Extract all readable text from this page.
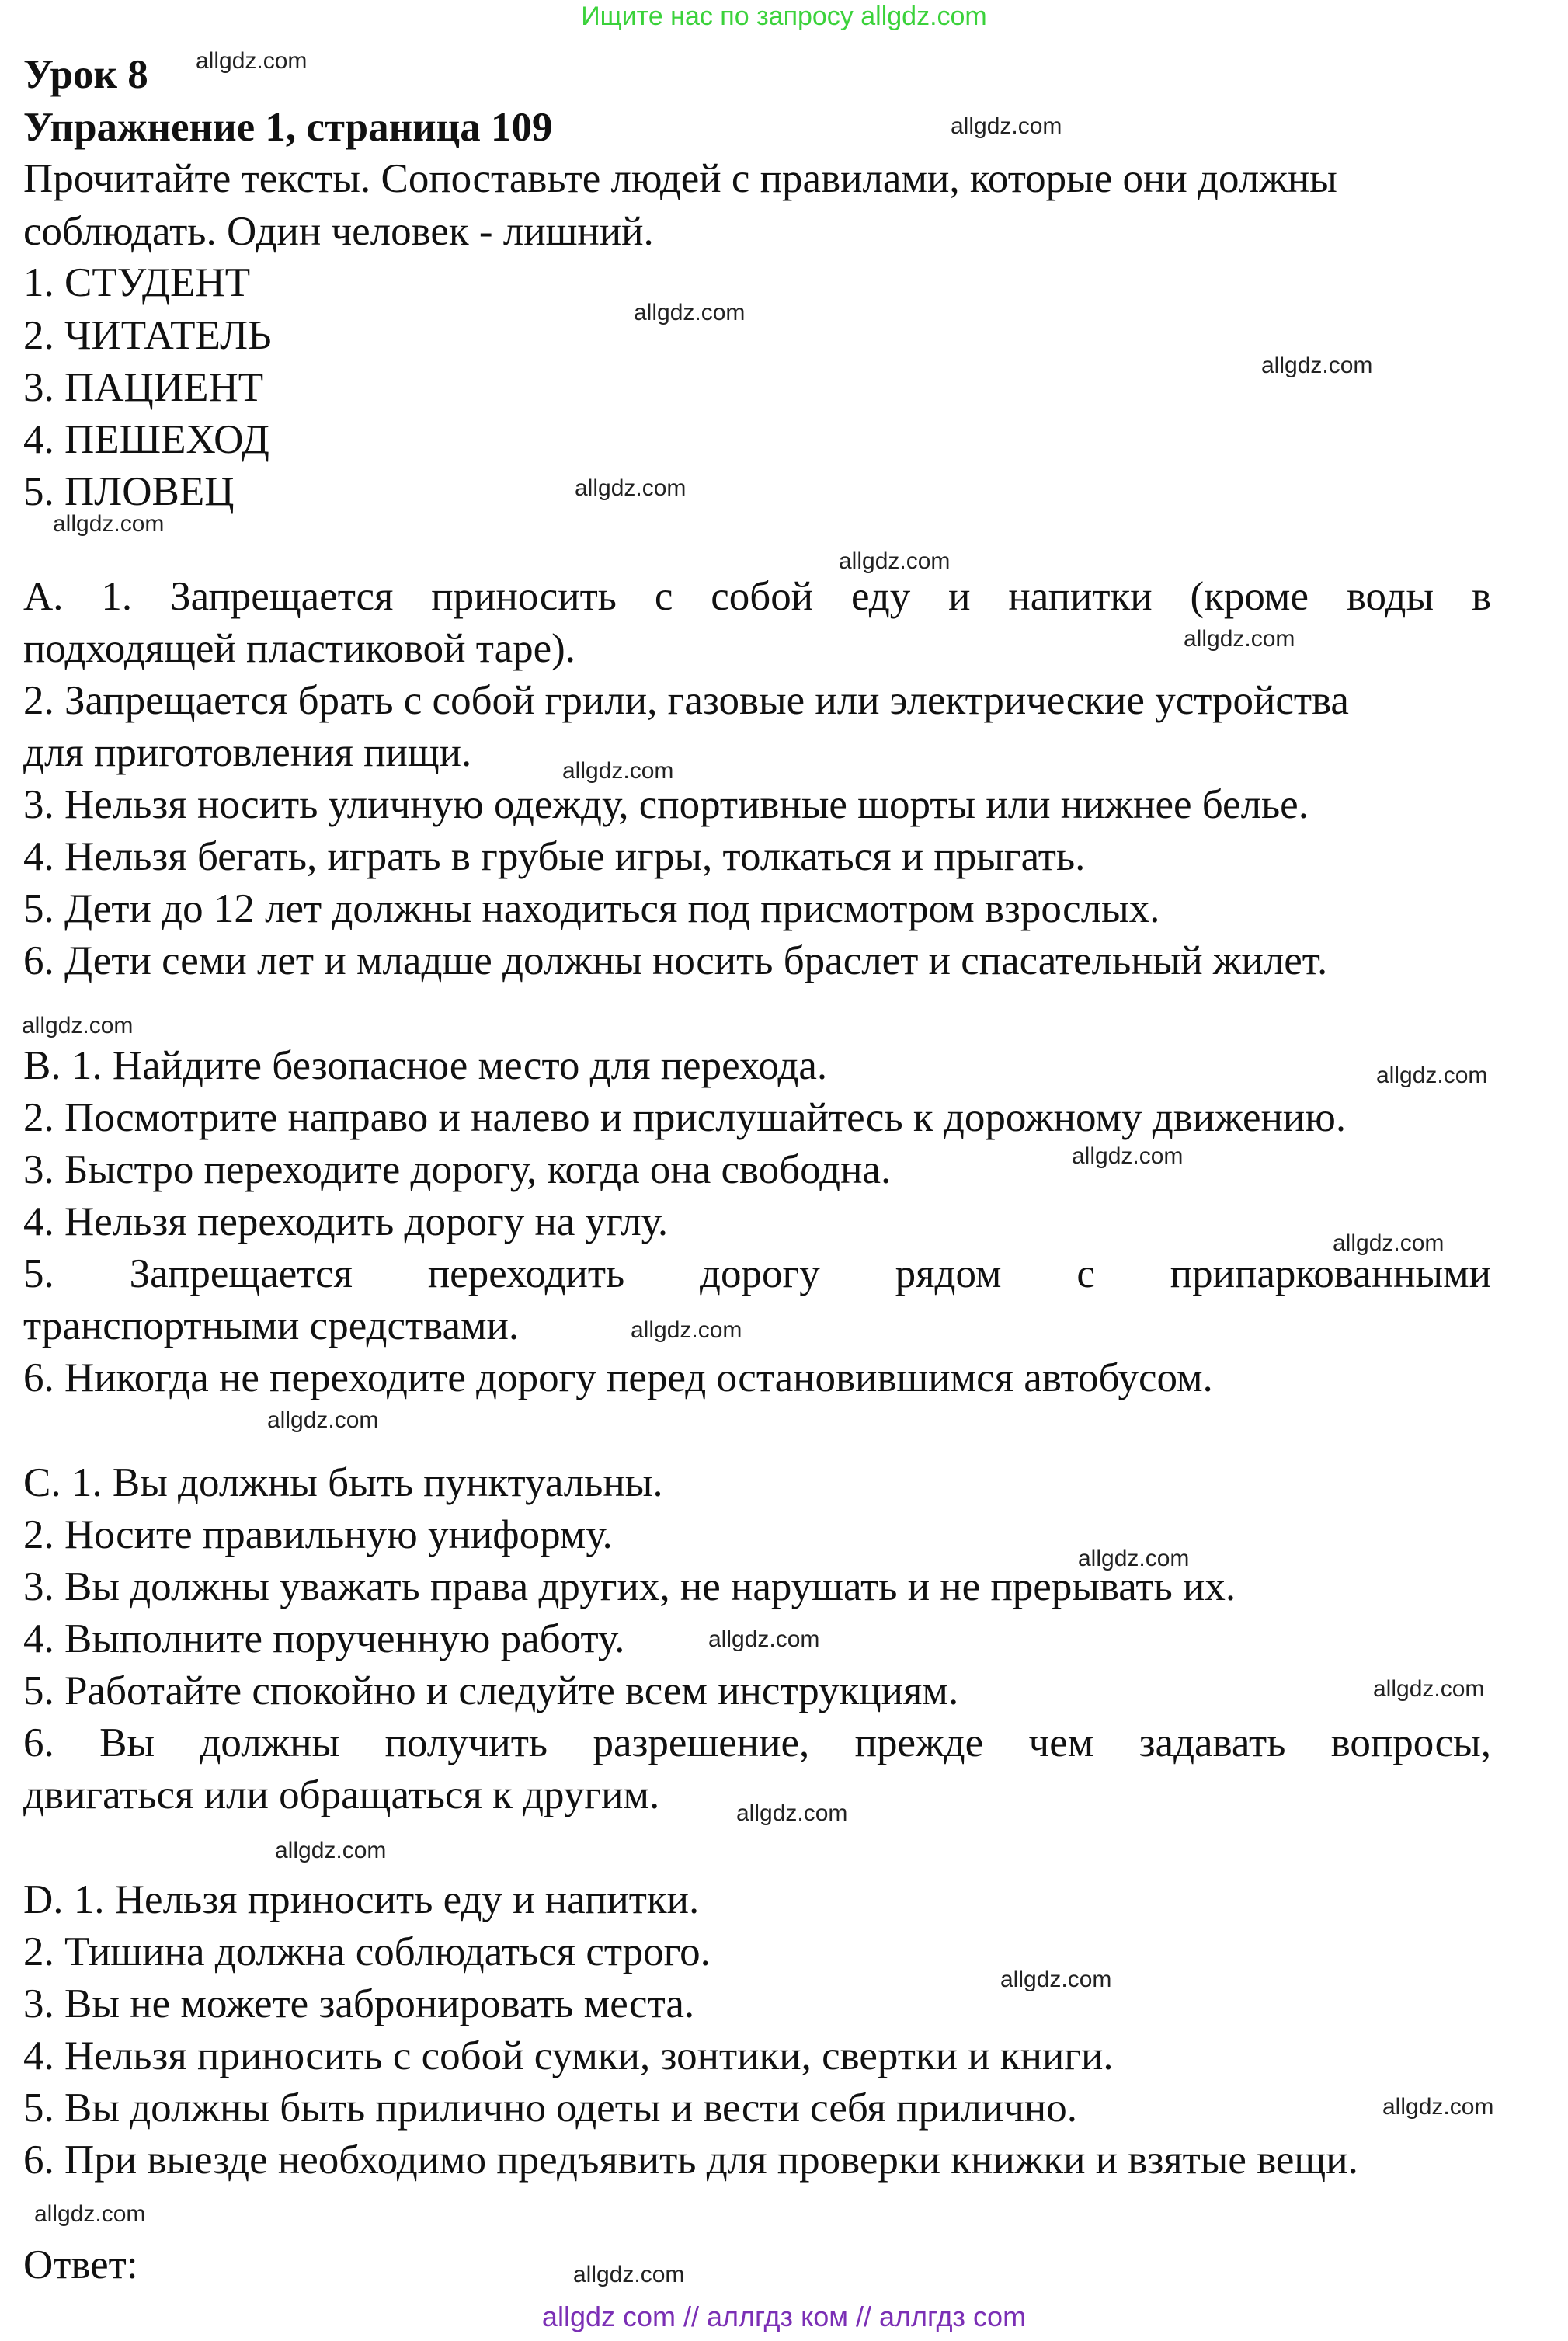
Ищите нас по запросу allgdz.com
Урок 8
Упражнение 1, страница 109
Прочитайте тексты. Сопоставьте людей с правилами, которые они должны
соблюдать. Один человек - лишний.
1. СТУДЕНТ
2. ЧИТАТЕЛЬ
3. ПАЦИЕНТ
4. ПЕШЕХОД
5. ПЛОВЕЦ
A. 1. Запрещается приносить с собой еду и напитки (кроме воды в
подходящей пластиковой таре).
2. Запрещается брать с собой грили, газовые или электрические устройства
для приготовления пищи.
3. Нельзя носить уличную одежду, спортивные шорты или нижнее белье.
4. Нельзя бегать, играть в грубые игры, толкаться и прыгать.
5. Дети до 12 лет должны находиться под присмотром взрослых.
6. Дети семи лет и младше должны носить браслет и спасательный жилет.
B. 1. Найдите безопасное место для перехода.
2. Посмотрите направо и налево и прислушайтесь к дорожному движению.
3. Быстро переходите дорогу, когда она свободна.
4. Нельзя переходить дорогу на углу.
5. Запрещается переходить дорогу рядом с припаркованными
транспортными средствами.
6. Никогда не переходите дорогу перед остановившимся автобусом.
C. 1. Вы должны быть пунктуальны.
2. Носите правильную униформу.
3. Вы должны уважать права других, не нарушать и не прерывать их.
4. Выполните порученную работу.
5. Работайте спокойно и следуйте всем инструкциям.
6. Вы должны получить разрешение, прежде чем задавать вопросы,
двигаться или обращаться к другим.
D. 1. Нельзя приносить еду и напитки.
2. Тишина должна соблюдаться строго.
3. Вы не можете забронировать места.
4. Нельзя приносить с собой сумки, зонтики, свертки и книги.
5. Вы должны быть прилично одеты и вести себя прилично.
6. При выезде необходимо предъявить для проверки книжки и взятые вещи.
Ответ:
allgdz.com
allgdz.com
allgdz.com
allgdz.com
allgdz.com
allgdz.com
allgdz.com
allgdz.com
allgdz.com
allgdz.com
allgdz.com
allgdz.com
allgdz.com
allgdz.com
allgdz.com
allgdz.com
allgdz.com
allgdz.com
allgdz.com
allgdz.com
allgdz.com
allgdz.com
allgdz.com
allgdz.com
allgdz com // аллгдз ком // аллгдз com
